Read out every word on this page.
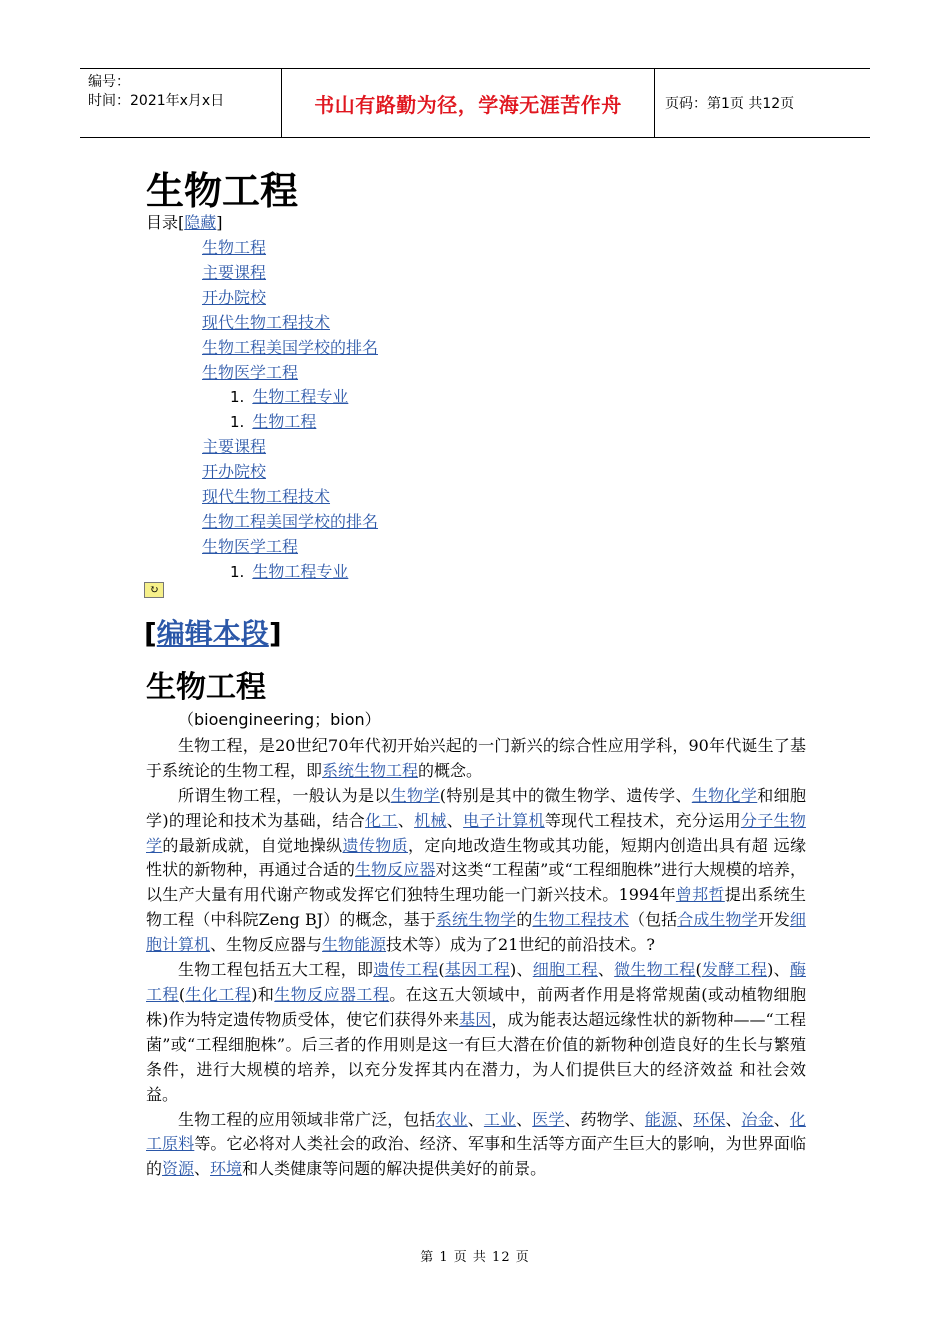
编号：
时间：2021年x月x日	书山有路勤为径，学海无涯苦作舟	页码：第1页 共12页
生物工程
目录[隐藏]
生物工程
主要课程
开办院校
现代生物工程技术
生物工程美国学校的排名
生物医学工程
1. 生物工程专业
1. 生物工程
主要课程
开办院校
现代生物工程技术
生物工程美国学校的排名
生物医学工程
1. 生物工程专业
↻
[编辑本段]
生物工程

（bioengineering；bion）

生物工程，是20世纪70年代初开始兴起的一门新兴的综合性应用学科，90年代诞生了基于系统论的生物工程，即系统生物工程的概念。

所谓生物工程，一般认为是以生物学(特别是其中的微生物学、遗传学、生物化学和细胞学)的理论和技术为基础，结合化工、机械、电子计算机等现代工程技术，充分运用分子生物学的最新成就，自觉地操纵遗传物质，定向地改造生物或其功能，短期内创造出具有超 远缘性状的新物种，再通过合适的生物反应器对这类“工程菌”或“工程细胞株”进行大规模的培养，以生产大量有用代谢产物或发挥它们独特生理功能一门新兴技术。1994年曾邦哲提出系统生物工程（中科院Zeng BJ）的概念，基于系统生物学的生物工程技术（包括合成生物学开发细胞计算机、生物反应器与生物能源技术等）成为了21世纪的前沿技术。?

生物工程包括五大工程，即遗传工程(基因工程)、细胞工程、微生物工程(发酵工程)、酶工程(生化工程)和生物反应器工程。在这五大领域中，前两者作用是将常规菌(或动植物细胞株)作为特定遗传物质受体，使它们获得外来基因，成为能表达超远缘性状的新物种——“工程菌”或“工程细胞株”。后三者的作用则是这一有巨大潜在价值的新物种创造良好的生长与繁殖条件，进行大规模的培养，以充分发挥其内在潜力，为人们提供巨大的经济效益 和社会效益。

生物工程的应用领域非常广泛，包括农业、工业、医学、药物学、能源、环保、冶金、化工原料等。它必将对人类社会的政治、经济、军事和生活等方面产生巨大的影响，为世界面临的资源、环境和人类健康等问题的解决提供美好的前景。

第 1 页 共 12 页
